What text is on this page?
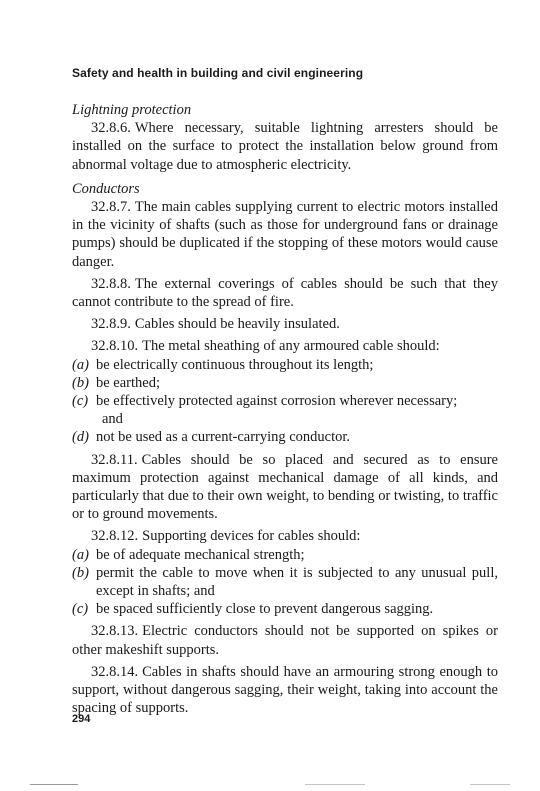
Safety and health in building and civil engineering

Lightning protection

32.8.6. Where necessary, suitable lightning arresters should be installed on the surface to protect the installation below ground from abnormal voltage due to atmospheric electricity.

Conductors

32.8.7. The main cables supplying current to electric motors installed in the vicinity of shafts (such as those for underground fans or drainage pumps) should be duplicated if the stopping of these motors would cause danger.

32.8.8. The external coverings of cables should be such that they cannot contribute to the spread of fire.

32.8.9. Cables should be heavily insulated.

32.8.10. The metal sheathing of any armoured cable should:

(a) be electrically continuous throughout its length;

(b) be earthed;

(c) be effectively protected against corrosion wherever necessary;

and

(d) not be used as a current-carrying conductor.

32.8.11. Cables should be so placed and secured as to ensure maximum protection against mechanical damage of all kinds, and particularly that due to their own weight, to bending or twisting, to traffic or to ground movements.

32.8.12. Supporting devices for cables should:

(a) be of adequate mechanical strength;

(b) permit the cable to move when it is subjected to any unusual pull, except in shafts; and

(c) be spaced sufficiently close to prevent dangerous sagging.

32.8.13. Electric conductors should not be supported on spikes or other makeshift supports.

32.8.14. Cables in shafts should have an armouring strong enough to support, without dangerous sagging, their weight, taking into account the spacing of supports.

294
